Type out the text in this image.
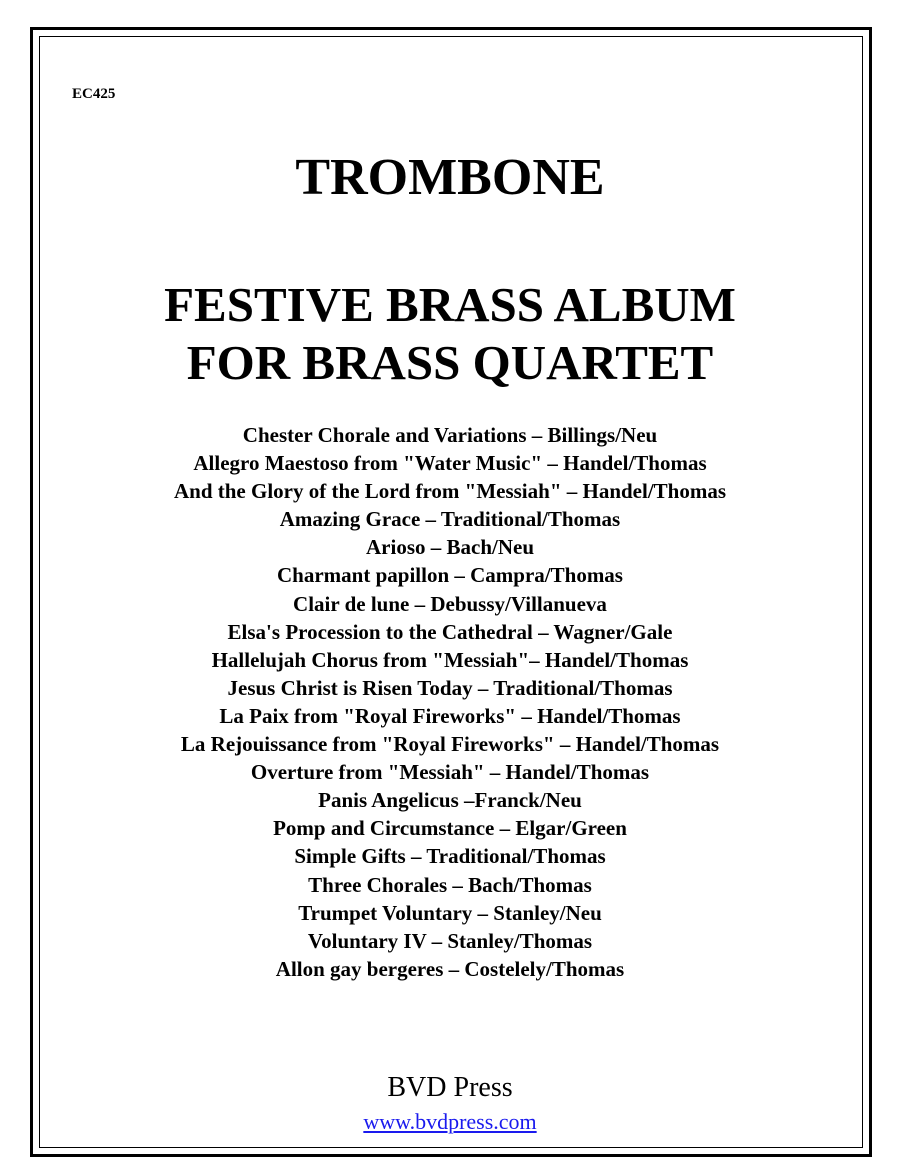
EC425

TROMBONE
FESTIVE BRASS ALBUM
FOR BRASS QUARTET
Chester Chorale and Variations – Billings/Neu
Allegro Maestoso from "Water Music" – Handel/Thomas
And the Glory of the Lord from "Messiah" – Handel/Thomas
Amazing Grace – Traditional/Thomas
Arioso – Bach/Neu
Charmant papillon – Campra/Thomas
Clair de lune – Debussy/Villanueva
Elsa's Procession to the Cathedral – Wagner/Gale
Hallelujah Chorus from "Messiah"– Handel/Thomas
Jesus Christ is Risen Today – Traditional/Thomas
La Paix from "Royal Fireworks" – Handel/Thomas
La Rejouissance from "Royal Fireworks" – Handel/Thomas
Overture from "Messiah" – Handel/Thomas
Panis Angelicus –Franck/Neu
Pomp and Circumstance – Elgar/Green
Simple Gifts – Traditional/Thomas
Three Chorales – Bach/Thomas
Trumpet Voluntary – Stanley/Neu
Voluntary IV – Stanley/Thomas
Allon gay bergeres – Costelely/Thomas

BVD Press

www.bvdpress.com
